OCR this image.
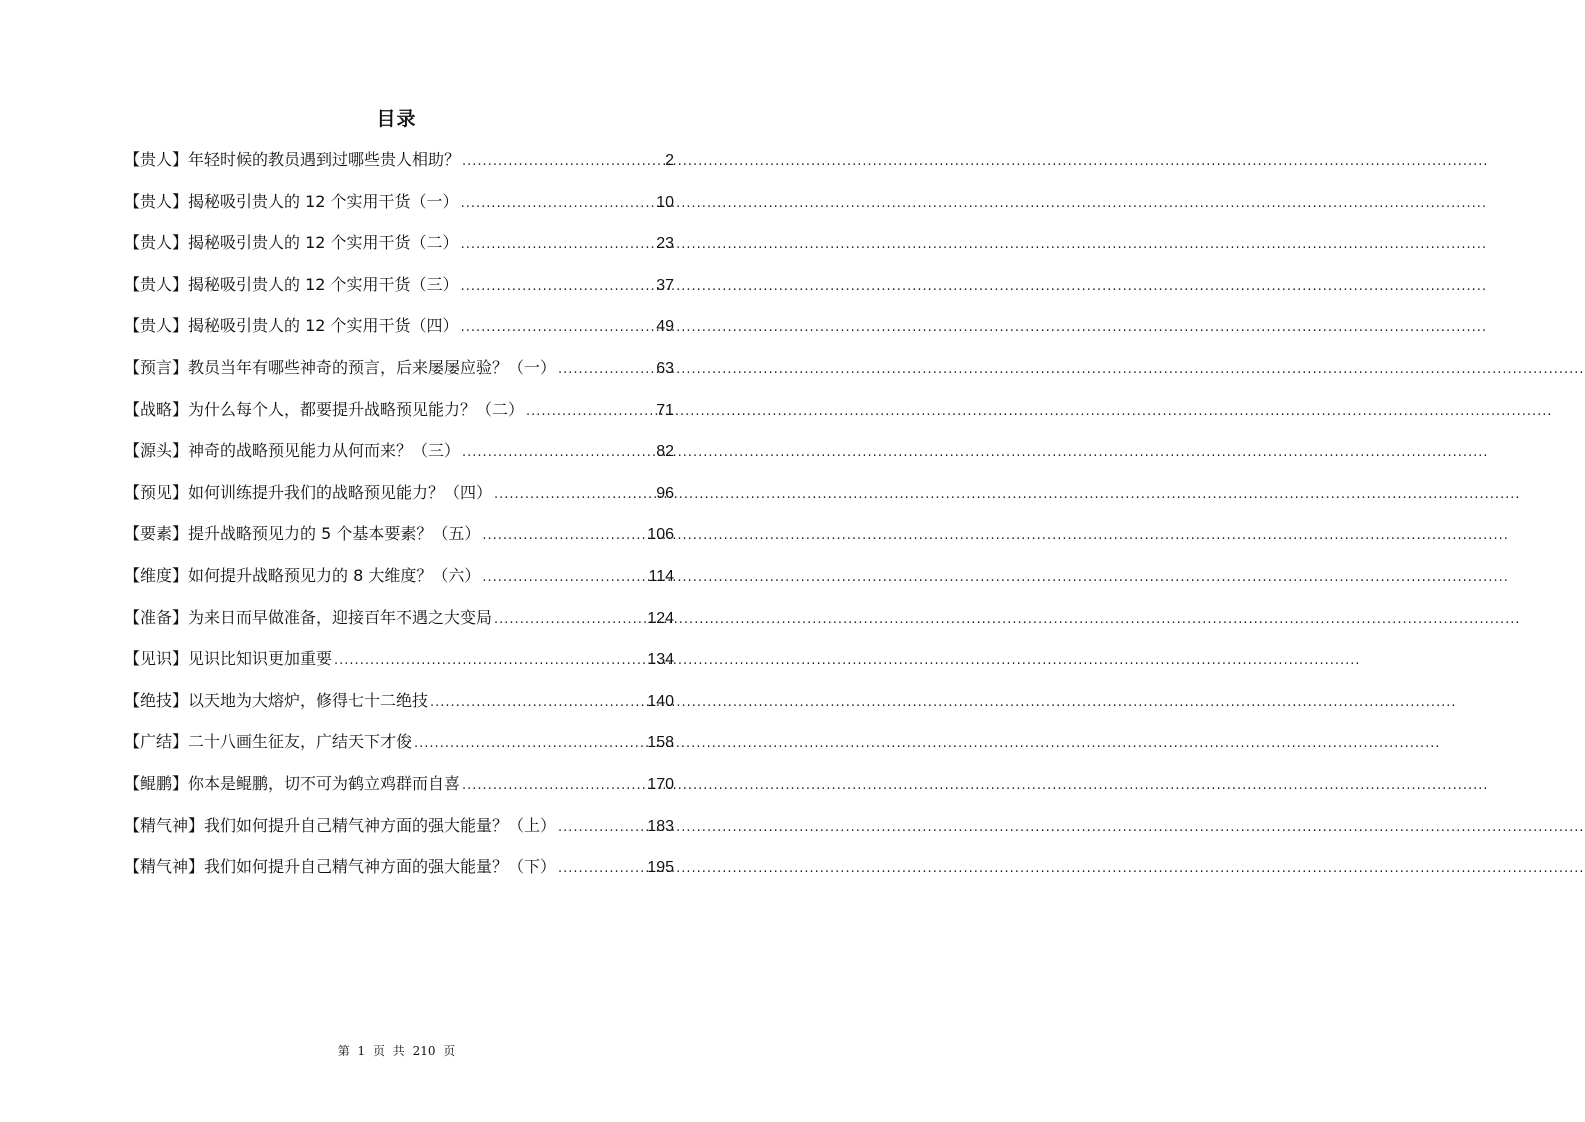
目录
【贵人】 年轻时候的教员遇到过哪些贵人相助？ .....	2
【贵人】 揭秘吸引贵人的 12 个实用干货（一） .....	10
【贵人】 揭秘吸引贵人的 12 个实用干货（二） .....	23
【贵人】 揭秘吸引贵人的 12 个实用干货（三） .....	37
【贵人】 揭秘吸引贵人的 12 个实用干货（四） .....	49
【预言】 教员当年有哪些神奇的预言，后来屡屡应验？（一） .....	63
【战略】 为什么每个人，都要提升战略预见能力？（二） .....	71
【源头】 神奇的战略预见能力从何而来？（三） .....	82
【预见】 如何训练提升我们的战略预见能力？（四） .....	96
【要素】 提升战略预见力的 5 个基本要素？（五） .....	106
【维度】 如何提升战略预见力的 8 大维度？（六） .....	114
【准备】 为来日而早做准备，迎接百年不遇之大变局 .....	124
【见识】 见识比知识更加重要 .....	134
【绝技】 以天地为大熔炉，修得七十二绝技 .....	140
【广结】 二十八画生征友，广结天下才俊 .....	158
【鲲鹏】 你本是鲲鹏，切不可为鹤立鸡群而自喜 .....	170
【精气神】 我们如何提升自己精气神方面的强大能量？（上） .....	183
【精气神】 我们如何提升自己精气神方面的强大能量？（下） .....	195
第 1 页 共 210 页
